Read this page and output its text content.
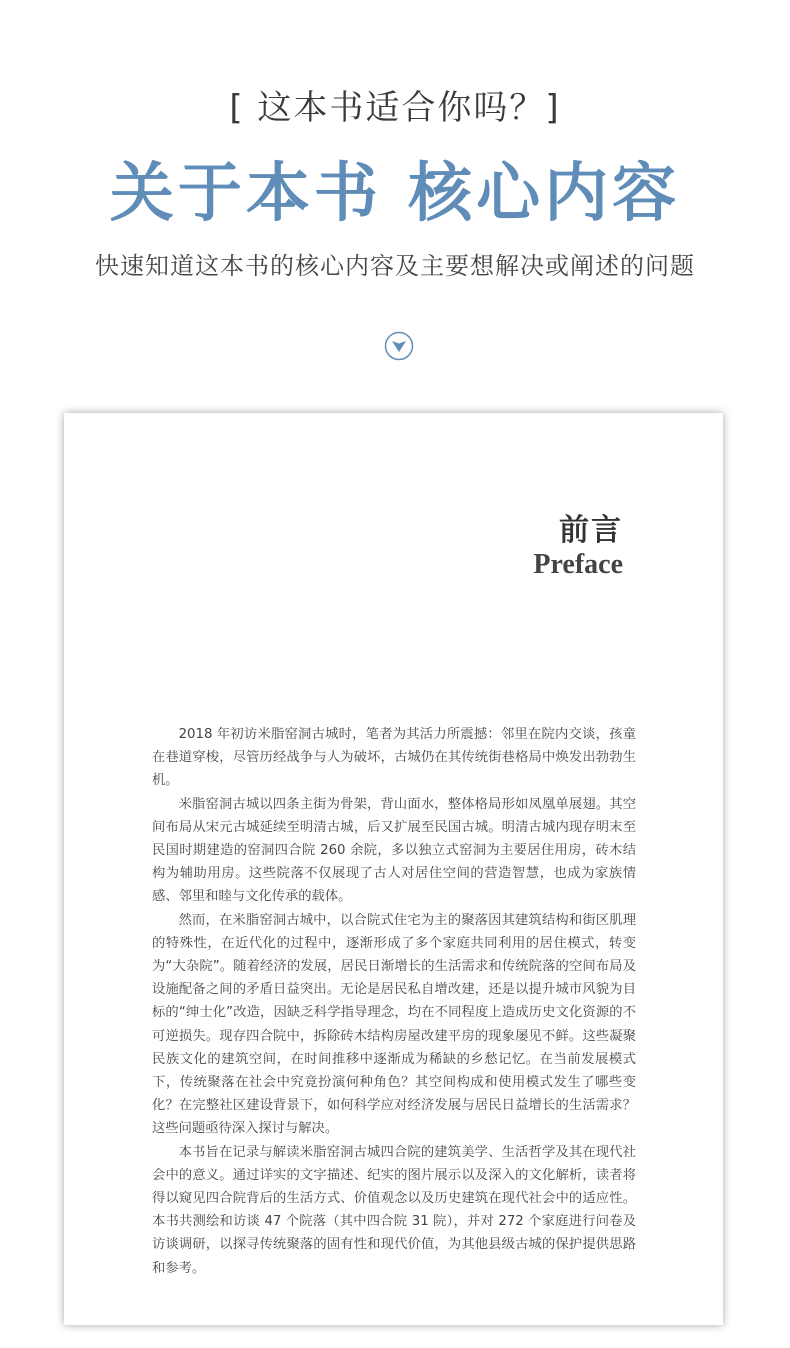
[ 这本书适合你吗？]
关于本书 核心内容
快速知道这本书的核心内容及主要想解决或阐述的问题
前言
Preface

2018 年初访米脂窑洞古城时，笔者为其活力所震撼：邻里在院内交谈，孩童在巷道穿梭，尽管历经战争与人为破坏，古城仍在其传统街巷格局中焕发出勃勃生机。

米脂窑洞古城以四条主街为骨架，背山面水，整体格局形如凤凰单展翅。其空间布局从宋元古城延续至明清古城，后又扩展至民国古城。明清古城内现存明末至民国时期建造的窑洞四合院 260 余院，多以独立式窑洞为主要居住用房，砖木结构为辅助用房。这些院落不仅展现了古人对居住空间的营造智慧，也成为家族情感、邻里和睦与文化传承的载体。

然而，在米脂窑洞古城中，以合院式住宅为主的聚落因其建筑结构和街区肌理的特殊性，在近代化的过程中，逐渐形成了多个家庭共同利用的居住模式，转变为“大杂院”。随着经济的发展，居民日渐增长的生活需求和传统院落的空间布局及设施配备之间的矛盾日益突出。无论是居民私自增改建，还是以提升城市风貌为目标的“绅士化”改造，因缺乏科学指导理念，均在不同程度上造成历史文化资源的不可逆损失。现存四合院中，拆除砖木结构房屋改建平房的现象屡见不鲜。这些凝聚民族文化的建筑空间，在时间推移中逐渐成为稀缺的乡愁记忆。在当前发展模式下，传统聚落在社会中究竟扮演何种角色？其空间构成和使用模式发生了哪些变化？在完整社区建设背景下，如何科学应对经济发展与居民日益增长的生活需求？这些问题亟待深入探讨与解决。

本书旨在记录与解读米脂窑洞古城四合院的建筑美学、生活哲学及其在现代社会中的意义。通过详实的文字描述、纪实的图片展示以及深入的文化解析，读者将得以窥见四合院背后的生活方式、价值观念以及历史建筑在现代社会中的适应性。本书共测绘和访谈 47 个院落（其中四合院 31 院），并对 272 个家庭进行问卷及访谈调研，以探寻传统聚落的固有性和现代价值，为其他县级古城的保护提供思路和参考。
